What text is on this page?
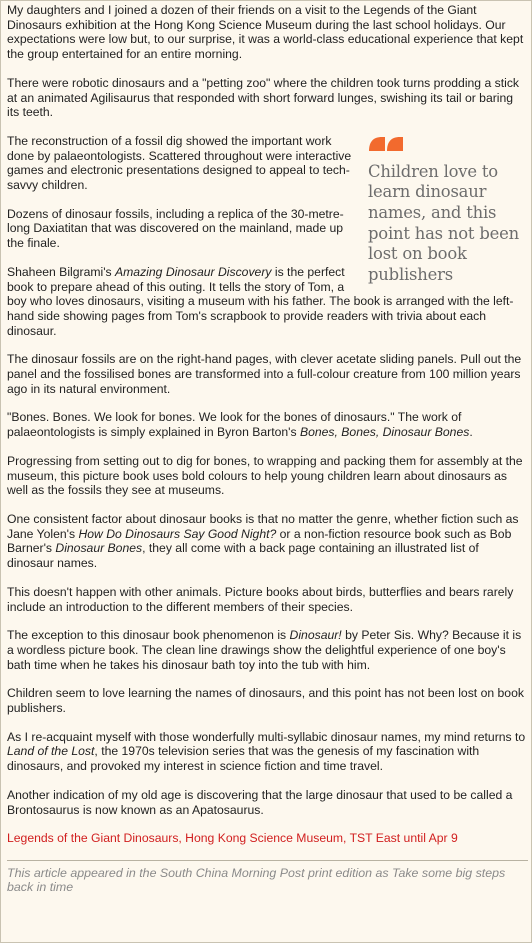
My daughters and I joined a dozen of their friends on a visit to the Legends of the Giant Dinosaurs exhibition at the Hong Kong Science Museum during the last school holidays. Our expectations were low but, to our surprise, it was a world-class educational experience that kept the group entertained for an entire morning.

There were robotic dinosaurs and a "petting zoo" where the children took turns prodding a stick at an animated Agilisaurus that responded with short forward lunges, swishing its tail or baring its teeth.

Children love to learn dinosaur names, and this point has not been lost on book publishers

The reconstruction of a fossil dig showed the important work done by palaeontologists. Scattered throughout were interactive games and electronic presentations designed to appeal to tech-savvy children.

Dozens of dinosaur fossils, including a replica of the 30-metre-long Daxiatitan that was discovered on the mainland, made up the finale.

Shaheen Bilgrami's Amazing Dinosaur Discovery is the perfect book to prepare ahead of this outing. It tells the story of Tom, a boy who loves dinosaurs, visiting a museum with his father. The book is arranged with the left-hand side showing pages from Tom's scrapbook to provide readers with trivia about each dinosaur.

The dinosaur fossils are on the right-hand pages, with clever acetate sliding panels. Pull out the panel and the fossilised bones are transformed into a full-colour creature from 100 million years ago in its natural environment.

"Bones. Bones. We look for bones. We look for the bones of dinosaurs." The work of palaeontologists is simply explained in Byron Barton's Bones, Bones, Dinosaur Bones.

Progressing from setting out to dig for bones, to wrapping and packing them for assembly at the museum, this picture book uses bold colours to help young children learn about dinosaurs as well as the fossils they see at museums.

One consistent factor about dinosaur books is that no matter the genre, whether fiction such as Jane Yolen's How Do Dinosaurs Say Good Night? or a non-fiction resource book such as Bob Barner's Dinosaur Bones, they all come with a back page containing an illustrated list of dinosaur names.

This doesn't happen with other animals. Picture books about birds, butterflies and bears rarely include an introduction to the different members of their species.

The exception to this dinosaur book phenomenon is Dinosaur! by Peter Sis. Why? Because it is a wordless picture book. The clean line drawings show the delightful experience of one boy's bath time when he takes his dinosaur bath toy into the tub with him.

Children seem to love learning the names of dinosaurs, and this point has not been lost on book publishers.

As I re-acquaint myself with those wonderfully multi-syllabic dinosaur names, my mind returns to Land of the Lost, the 1970s television series that was the genesis of my fascination with dinosaurs, and provoked my interest in science fiction and time travel.

Another indication of my old age is discovering that the large dinosaur that used to be called a Brontosaurus is now known as an Apatosaurus.

Legends of the Giant Dinosaurs, Hong Kong Science Museum, TST East until Apr 9

This article appeared in the South China Morning Post print edition as Take some big steps back in time
